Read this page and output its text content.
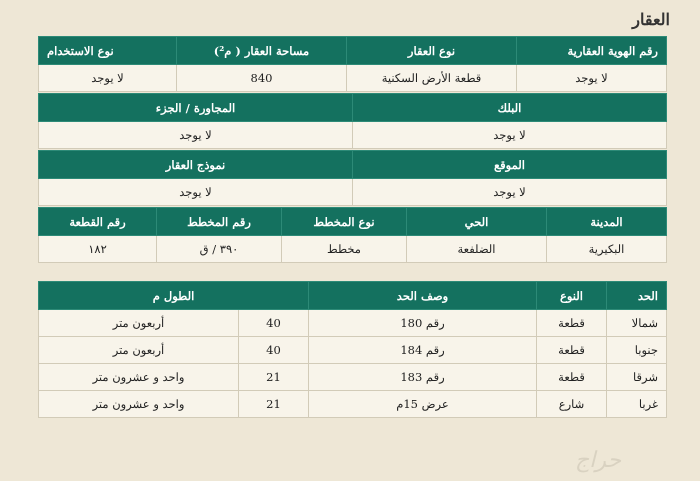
العقار
رقم الهوية العقارية	نوع العقار	مساحة العقار ( م²)	نوع الاستخدام
لا يوجد	قطعة الأرض السكنية	840	لا يوجد
البلك	المجاورة / الجزء
لا يوجد	لا يوجد
الموقع	نموذج العقار
لا يوجد	لا يوجد
المدينة	الحي	نوع المخطط	رقم المخطط	رقم القطعة
البكيرية	الضلفعة	مخطط	٣٩٠ / ق	١٨٢
الحد	النوع	وصف الحد	الطول م	
شمالا	قطعة	رقم 180	40	أربعون متر
جنوبا	قطعة	رقم 184	40	أربعون متر
شرقا	قطعة	رقم 183	21	واحد و عشرون متر
غربا	شارع	عرض 15م	21	واحد و عشرون متر
حراج
